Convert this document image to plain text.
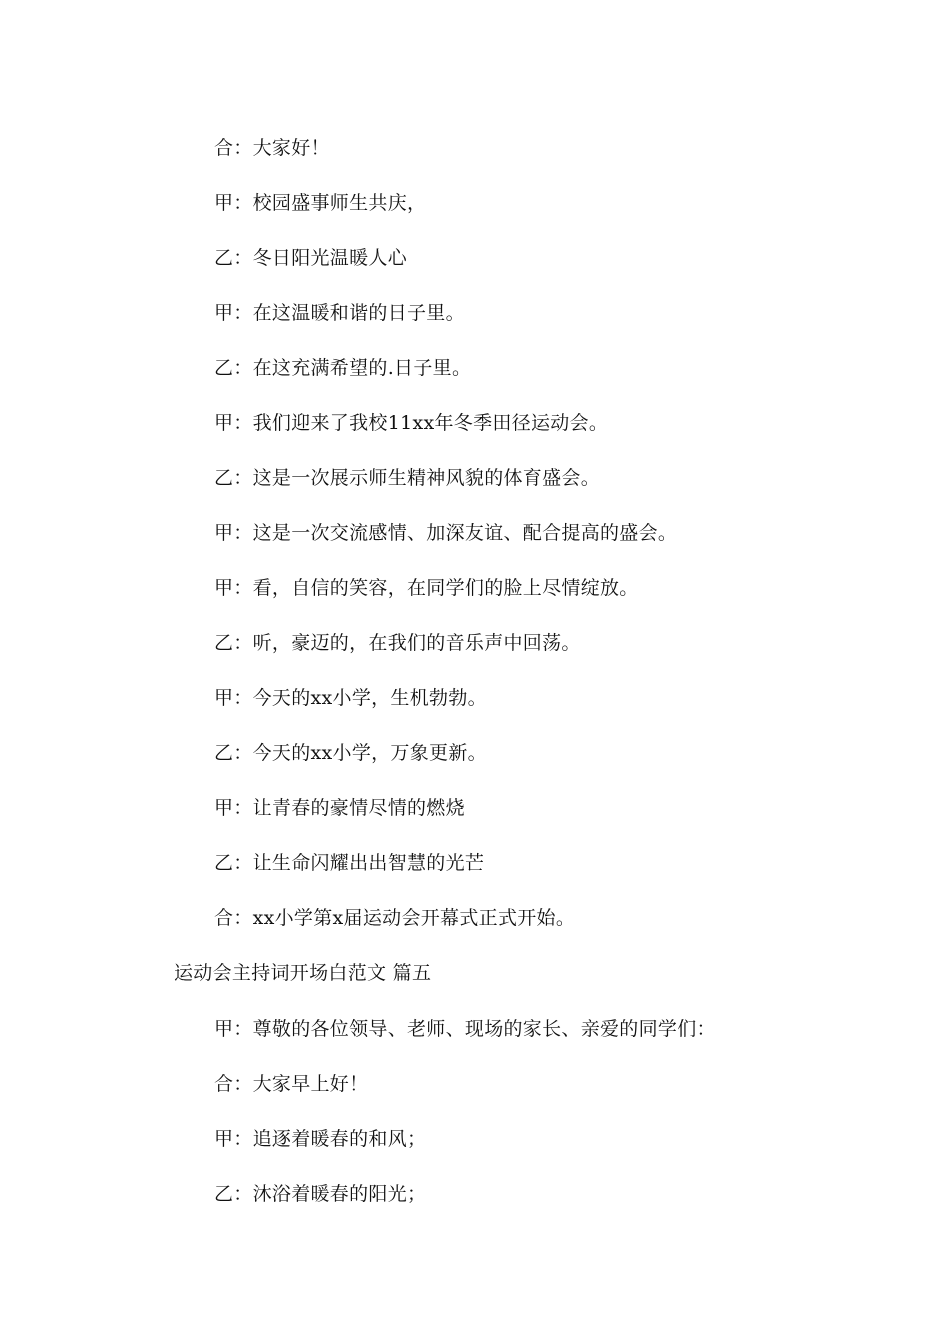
合：大家好！
甲：校园盛事师生共庆，
乙：冬日阳光温暖人心
甲：在这温暖和谐的日子里。
乙：在这充满希望的.日子里。
甲：我们迎来了我校11xx年冬季田径运动会。
乙：这是一次展示师生精神风貌的体育盛会。
甲：这是一次交流感情、加深友谊、配合提高的盛会。
甲：看，自信的笑容，在同学们的脸上尽情绽放。
乙：听，豪迈的，在我们的音乐声中回荡。
甲：今天的xx小学，生机勃勃。
乙：今天的xx小学，万象更新。
甲：让青春的豪情尽情的燃烧
乙：让生命闪耀出出智慧的光芒
合：xx小学第x届运动会开幕式正式开始。
运动会主持词开场白范文 篇五
甲：尊敬的各位领导、老师、现场的家长、亲爱的同学们：
合：大家早上好！
甲：追逐着暖春的和风；
乙：沐浴着暖春的阳光；
